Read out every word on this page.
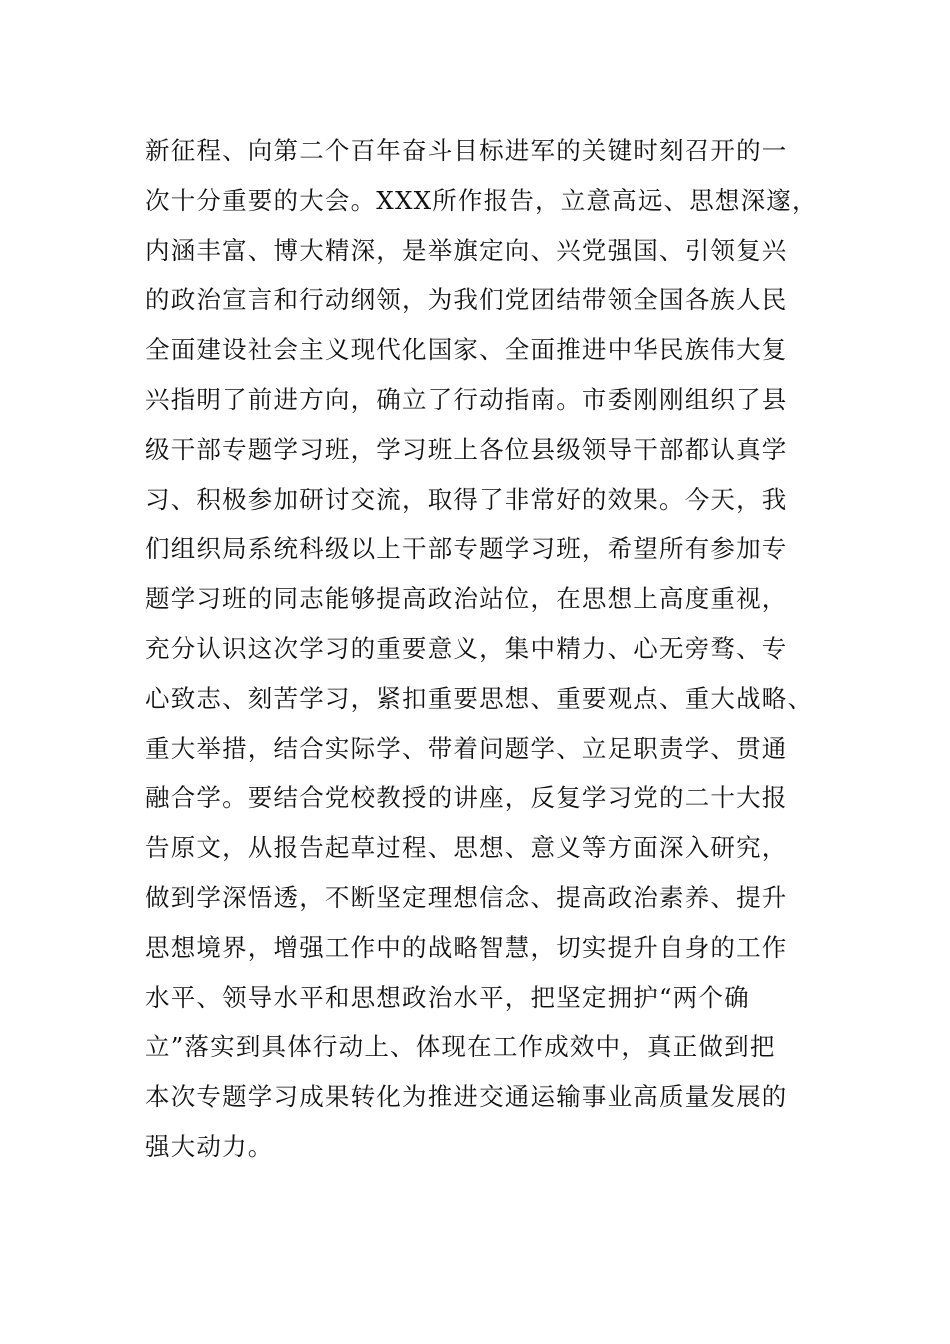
新征程、向第二个百年奋斗目标进军的关键时刻召开的一
次十分重要的大会。XXX所作报告，立意高远、思想深邃，
内涵丰富、博大精深，是举旗定向、兴党强国、引领复兴
的政治宣言和行动纲领，为我们党团结带领全国各族人民
全面建设社会主义现代化国家、全面推进中华民族伟大复
兴指明了前进方向，确立了行动指南。市委刚刚组织了县
级干部专题学习班，学习班上各位县级领导干部都认真学
习、积极参加研讨交流，取得了非常好的效果。今天，我
们组织局系统科级以上干部专题学习班，希望所有参加专
题学习班的同志能够提高政治站位，在思想上高度重视，
充分认识这次学习的重要意义，集中精力、心无旁骛、专
心致志、刻苦学习，紧扣重要思想、重要观点、重大战略、
重大举措，结合实际学、带着问题学、立足职责学、贯通
融合学。要结合党校教授的讲座，反复学习党的二十大报
告原文，从报告起草过程、思想、意义等方面深入研究，
做到学深悟透，不断坚定理想信念、提高政治素养、提升
思想境界，增强工作中的战略智慧，切实提升自身的工作
水平、领导水平和思想政治水平，把坚定拥护“两个确
立”落实到具体行动上、体现在工作成效中，真正做到把
本次专题学习成果转化为推进交通运输事业高质量发展的
强大动力。
